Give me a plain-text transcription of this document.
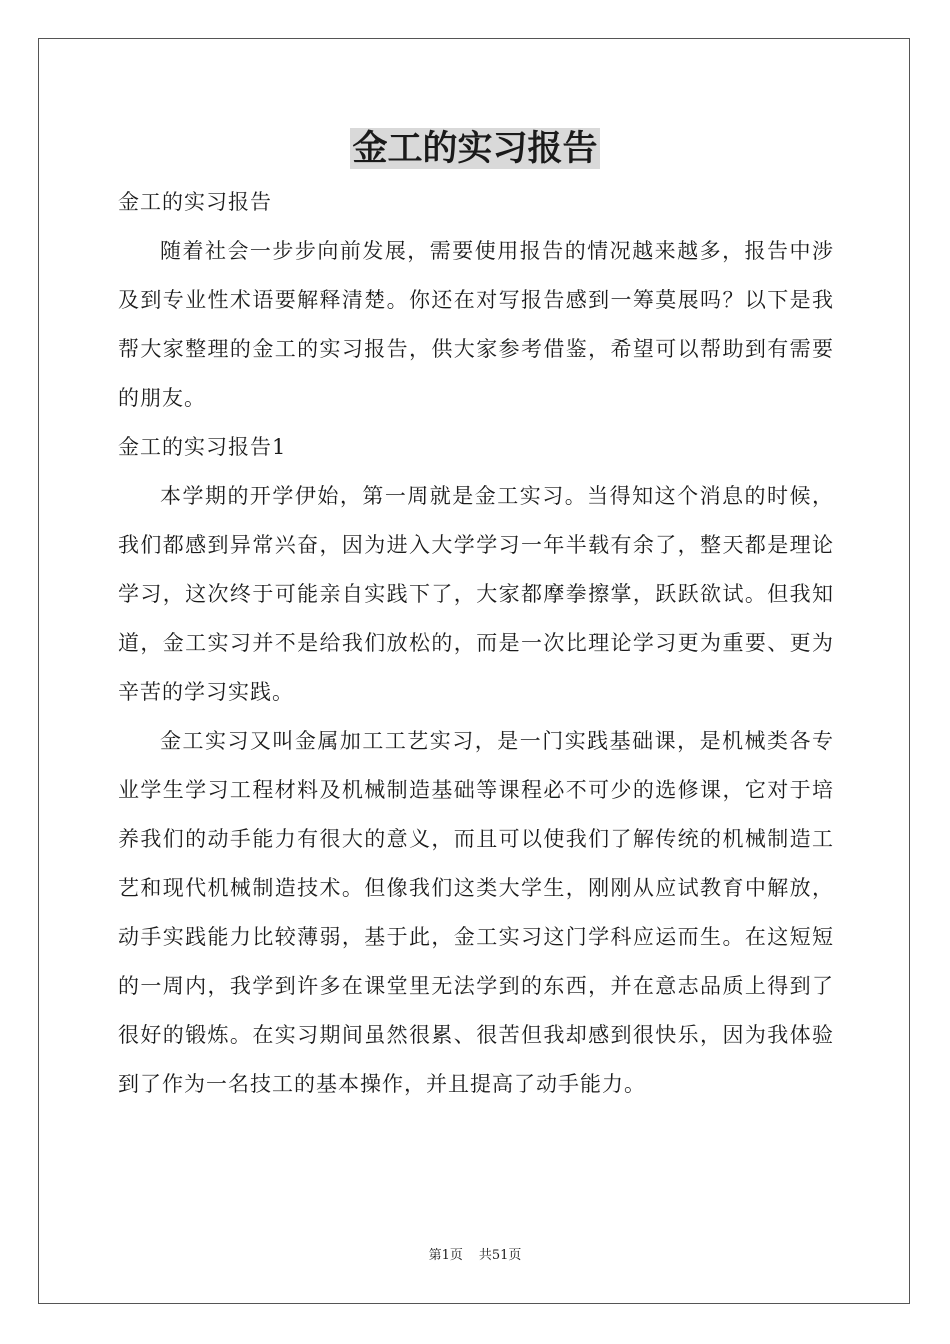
金工的实习报告

金工的实习报告

随着社会一步步向前发展，需要使用报告的情况越来越多，报告中涉及到专业性术语要解释清楚。你还在对写报告感到一筹莫展吗？以下是我帮大家整理的金工的实习报告，供大家参考借鉴，希望可以帮助到有需要的朋友。

金工的实习报告1

本学期的开学伊始，第一周就是金工实习。当得知这个消息的时候，我们都感到异常兴奋，因为进入大学学习一年半载有余了，整天都是理论学习，这次终于可能亲自实践下了，大家都摩拳擦掌，跃跃欲试。但我知道，金工实习并不是给我们放松的，而是一次比理论学习更为重要、更为辛苦的学习实践。

金工实习又叫金属加工工艺实习，是一门实践基础课，是机械类各专业学生学习工程材料及机械制造基础等课程必不可少的选修课，它对于培养我们的动手能力有很大的意义，而且可以使我们了解传统的机械制造工艺和现代机械制造技术。但像我们这类大学生，刚刚从应试教育中解放，动手实践能力比较薄弱，基于此，金工实习这门学科应运而生。在这短短的一周内，我学到许多在课堂里无法学到的东西，并在意志品质上得到了很好的锻炼。在实习期间虽然很累、很苦但我却感到很快乐，因为我体验到了作为一名技工的基本操作，并且提高了动手能力。

第1页 共51页
